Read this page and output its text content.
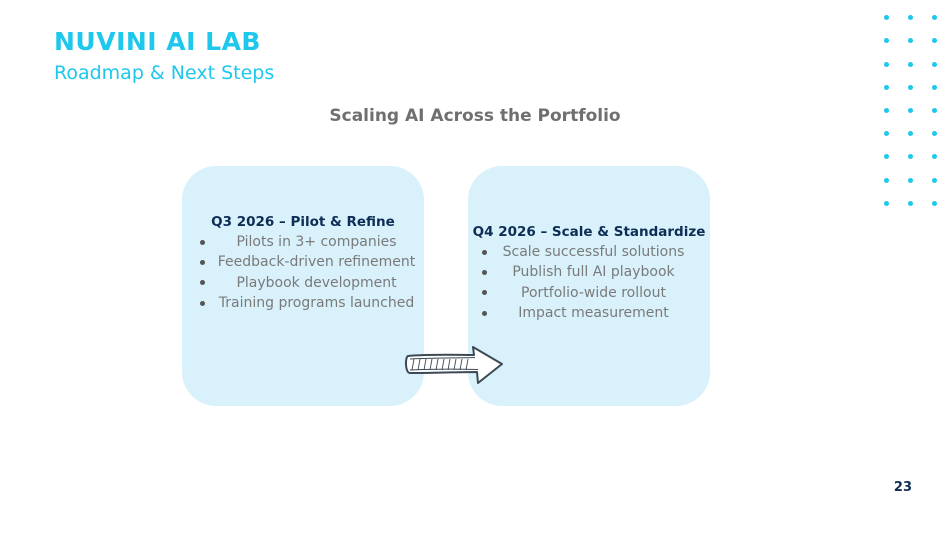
NUVINI AI LAB
Roadmap & Next Steps
Scaling AI Across the Portfolio
Q3 2026 – Pilot & Refine
Pilots in 3+ companies
Feedback-driven refinement
Playbook development
Training programs launched
Q4 2026 – Scale & Standardize
Scale successful solutions
Publish full AI playbook
Portfolio-wide rollout
Impact measurement
23
